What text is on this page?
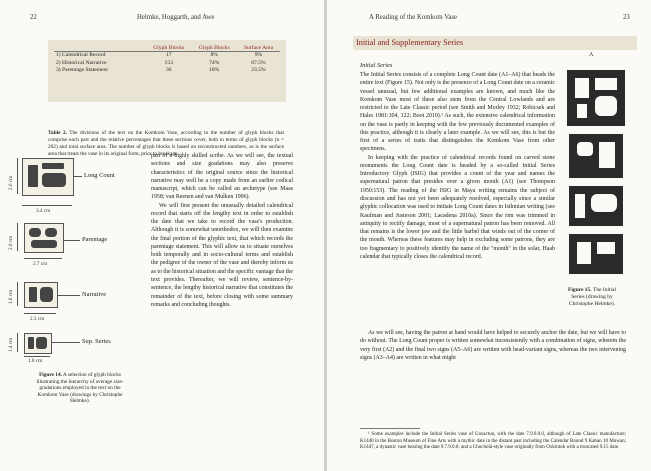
22	Helmke, Hoggarth, and Awe
	Glyph Blocks	Glyph Blocks	Surface Area
1) Calendrical Record	17	8%	9%
2) Historical Narrative	153	74%	67.5%
3) Parentage Statement	36	18%	23.5%
Table 2. The divisions of the text on the Komkom Vase, according to the number of glyph blocks that comprise each part and the relative percentages that these sections cover, both in terms of glyph blocks (n = 202) and total surface area. The number of glyph blocks is based on reconstructed numbers, as is the surface area that treats the vase in its original form, prior to breakage.
2.6 cm
3.4 cm
Long Count
2.0 cm
2.7 cm
Parentage
1.8 cm
2.3 cm
Narrative
1.4 cm	Sup. Series
1.8 cm
Figure 14. A selection of glyph blocks illustrating the hierarchy of average size-gradations employed in the text on the Komkom Vase (drawings by Christophe Helmke).

part of a highly skilled scribe. As we will see, the textual sections and size gradations may also preserve characteristics of the original source since the historical narrative may well be a copy made from an earlier codical manuscript, which can be called an archetype (see Maas 1958; van Reenen and van Mulken 1996).

We will first present the unusually detailed calendrical record that starts off the lengthy text in order to establish the date that we take to record the vase's production. Although it is somewhat unorthodox, we will then examine the final portion of the glyphic text, that which records the parentage statement. This will allow us to situate ourselves both temporally and in socio-cultural terms and establish the pedigree of the owner of the vase and thereby inform us as to the historical situation and the specific vantage that the text provides. Thereafter, we will review, sentence-by-sentence, the lengthy historical narrative that constitutes the remainder of the text, before closing with some summary remarks and concluding thoughts.

A Reading of the Komkom Vase	23
Initial and Supplementary Series
Initial Series

The Initial Series consists of a complete Long Count date (A1–A6) that heads the entire text (Figure 15). Not only is the presence of a Long Count date on a ceramic vessel unusual, but few additional examples are known, and much like the Komkom Vase most of these also stem from the Central Lowlands and are restricted to the Late Classic period (see Smith and Morley 1932; Robicsek and Hales 1981:104, 122; Boot 2010).¹ As such, the extensive calendrical information on the vase is partly in keeping with the few previously documented examples of this practice, although it is clearly a later example. As we will see, this is but the first of a series of traits that distinguishes the Komkom Vase from other specimens.

In keeping with the practice of calendrical records found on carved stone monuments the Long Count date is headed by a so-called Initial Series Introductory Glyph (ISIG) that provides a count of the year and names the supernatural patron that presides over a given month (A1) (see Thompson 1950:153). The reading of the ISIG in Maya writing remains the subject of discussion and has not yet been adequately resolved, especially since a similar glyphic collocation was used to initiate Long Count dates in Isthmian writing (see Kaufman and Justeson 2001; Lacadena 2010a). Since the rim was trimmed in antiquity to rectify damage, most of a supernatural patron has been removed. All that remains is the lower jaw and the little barbel that winds out of the corner of the mouth. Whereas these features may help in excluding some patrons, they are too fragmentary to positively identify the name of the "month" in the solar, Haab calendar that typically closes the calendrical record.

A
Figure 15. The Initial Series (drawing by Christophe Helmke).

As we will see, having the patron at hand would have helped to securely anchor the date, but we will have to do without. The Long Count proper is written somewhat inconsistently with a combination of signs, wherein the very first (A2) and the final two signs (A5–A6) are written with head-variant signs, whereas the two intervening signs (A3–A4) are written in what might

¹ Some examples include the Initial Series vase of Uaxactun, with the date 7.9.0.0.0, although of Late Classic manufacture; K1440 in the Boston Museum of Fine Arts with a mythic date in the distant past including the Calendar Round 9 Kaban 10 Muwan; K1447, a dynastic vase bearing the date 9.7.9.0.0; and a Chocholá-style vase originally from Oxkintok with a truncated 9.15 date.
